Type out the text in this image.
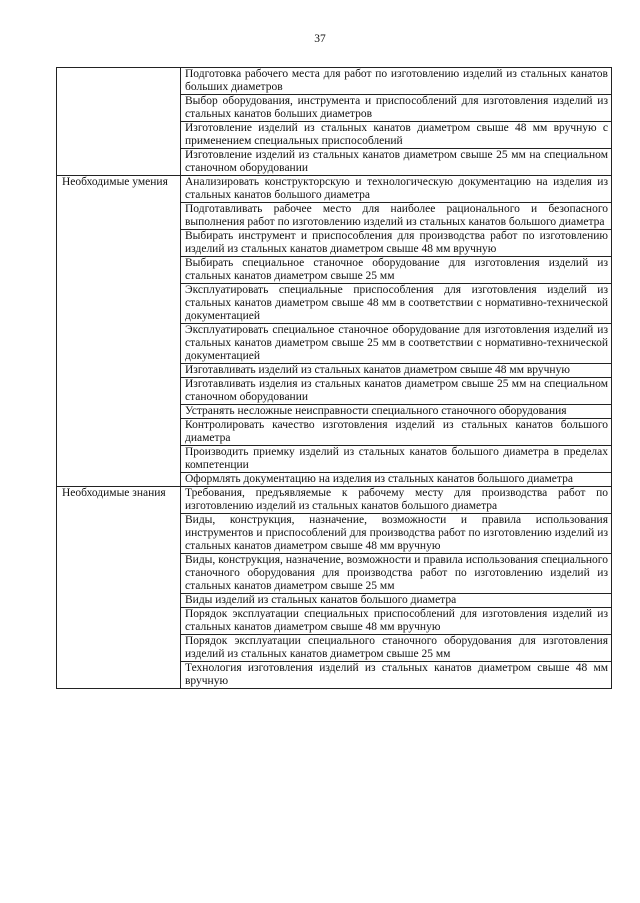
37
	Подготовка рабочего места для работ по изготовлению изделий из стальных канатов больших диаметров
	Выбор оборудования, инструмента и приспособлений для изготовления изделий из стальных канатов больших диаметров
	Изготовление изделий из стальных канатов диаметром свыше 48 мм вручную с применением специальных приспособлений
	Изготовление изделий из стальных канатов диаметром свыше 25 мм на специальном станочном оборудовании
Необходимые умения	Анализировать конструкторскую и технологическую документацию на изделия из стальных канатов большого диаметра
	Подготавливать рабочее место для наиболее рационального и безопасного выполнения работ по изготовлению изделий из стальных канатов большого диаметра
	Выбирать инструмент и приспособления для производства работ по изготовлению изделий из стальных канатов диаметром свыше 48 мм вручную
	Выбирать специальное станочное оборудование для изготовления изделий из стальных канатов диаметром свыше 25 мм
	Эксплуатировать специальные приспособления для изготовления изделий из стальных канатов диаметром свыше 48 мм в соответствии с нормативно-технической документацией
	Эксплуатировать специальное станочное оборудование для изготовления изделий из стальных канатов диаметром свыше 25 мм в соответствии с нормативно-технической документацией
	Изготавливать изделий из стальных канатов диаметром свыше 48 мм вручную
	Изготавливать изделия из стальных канатов диаметром свыше 25 мм на специальном станочном оборудовании
	Устранять несложные неисправности специального станочного оборудования
	Контролировать качество изготовления изделий из стальных канатов большого диаметра
	Производить приемку изделий из стальных канатов большого диаметра в пределах компетенции
	Оформлять документацию на изделия из стальных канатов большого диаметра
Необходимые знания	Требования, предъявляемые к рабочему месту для производства работ по изготовлению изделий из стальных канатов большого диаметра
	Виды, конструкция, назначение, возможности и правила использования инструментов и приспособлений для производства работ по изготовлению изделий из стальных канатов диаметром свыше 48 мм вручную
	Виды, конструкция, назначение, возможности и правила использования специального станочного оборудования для производства работ по изготовлению изделий из стальных канатов диаметром свыше 25 мм
	Виды изделий из стальных канатов большого диаметра
	Порядок эксплуатации специальных приспособлений для изготовления изделий из стальных канатов диаметром свыше 48 мм вручную
	Порядок эксплуатации специального станочного оборудования для изготовления изделий из стальных канатов диаметром свыше 25 мм
	Технология изготовления изделий из стальных канатов диаметром свыше 48 мм вручную
